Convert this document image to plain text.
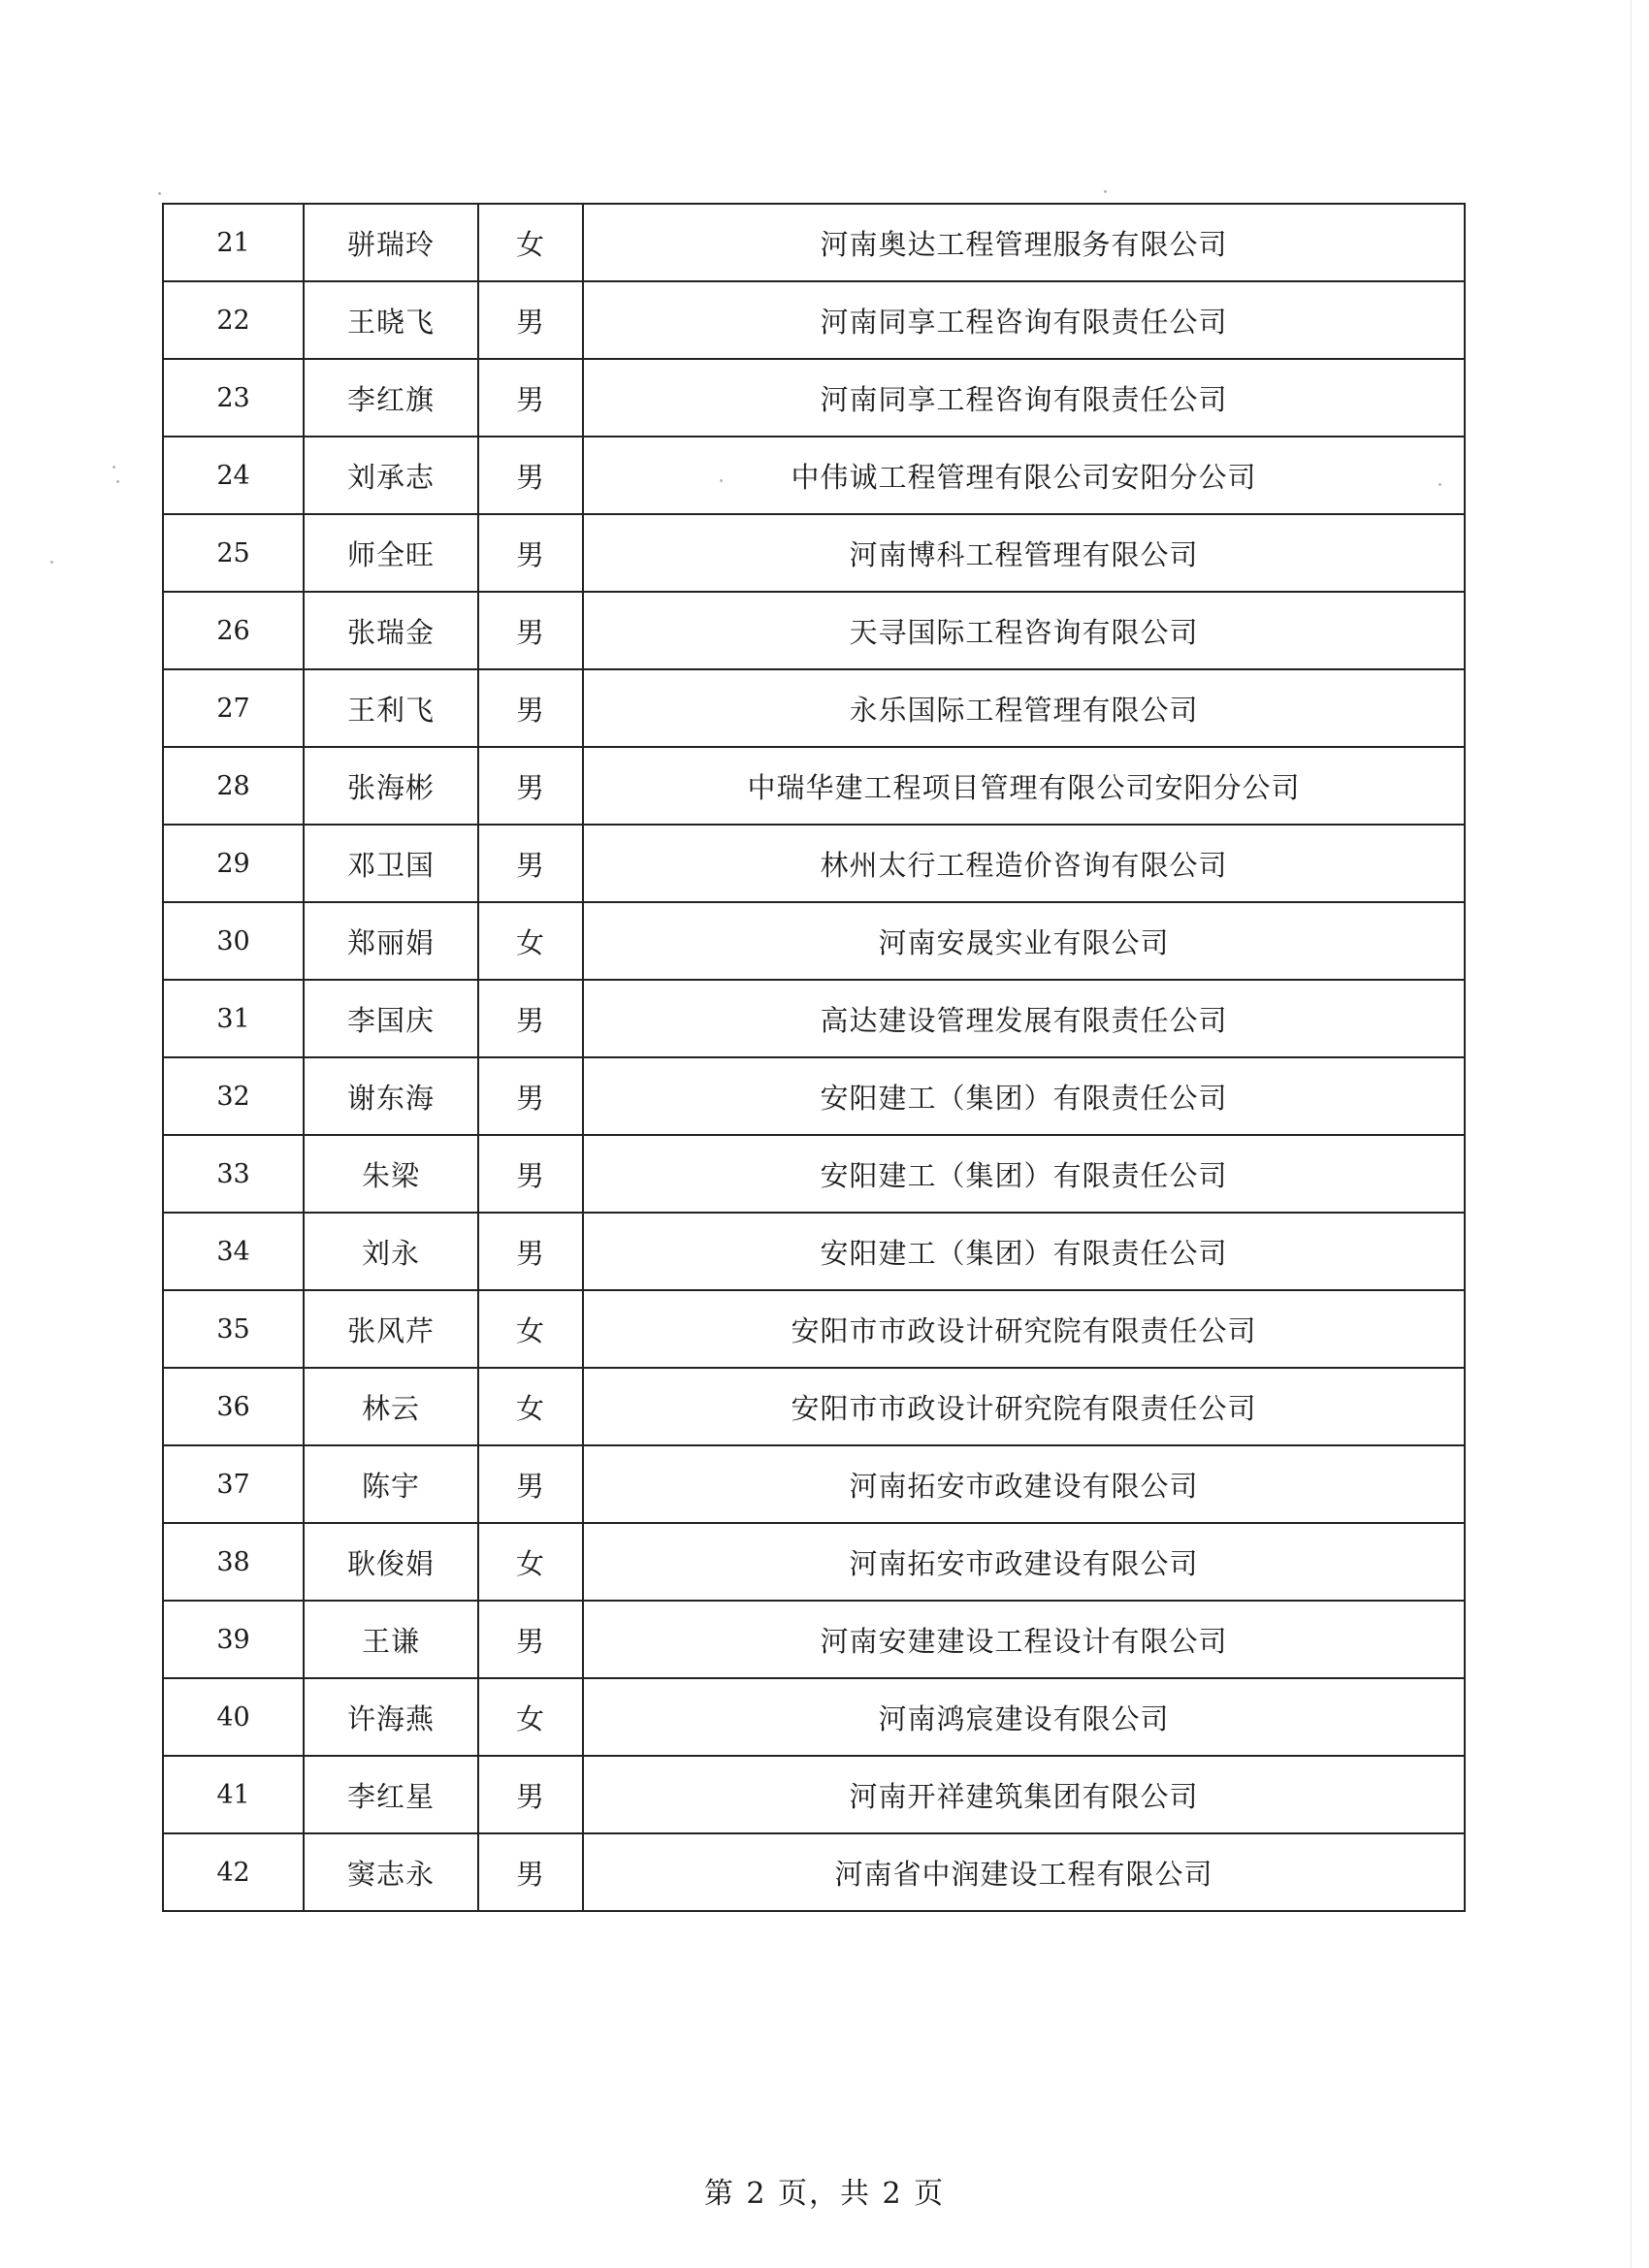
21	骈瑞玲	女	河南奥达工程管理服务有限公司
22	王晓飞	男	河南同享工程咨询有限责任公司
23	李红旗	男	河南同享工程咨询有限责任公司
24	刘承志	男	中伟诚工程管理有限公司安阳分公司
25	师全旺	男	河南博科工程管理有限公司
26	张瑞金	男	天寻国际工程咨询有限公司
27	王利飞	男	永乐国际工程管理有限公司
28	张海彬	男	中瑞华建工程项目管理有限公司安阳分公司
29	邓卫国	男	林州太行工程造价咨询有限公司
30	郑丽娟	女	河南安晟实业有限公司
31	李国庆	男	高达建设管理发展有限责任公司
32	谢东海	男	安阳建工（集团）有限责任公司
33	朱梁	男	安阳建工（集团）有限责任公司
34	刘永	男	安阳建工（集团）有限责任公司
35	张风芹	女	安阳市市政设计研究院有限责任公司
36	林云	女	安阳市市政设计研究院有限责任公司
37	陈宇	男	河南拓安市政建设有限公司
38	耿俊娟	女	河南拓安市政建设有限公司
39	王谦	男	河南安建建设工程设计有限公司
40	许海燕	女	河南鸿宸建设有限公司
41	李红星	男	河南开祥建筑集团有限公司
42	窦志永	男	河南省中润建设工程有限公司
第 2 页，共 2 页
